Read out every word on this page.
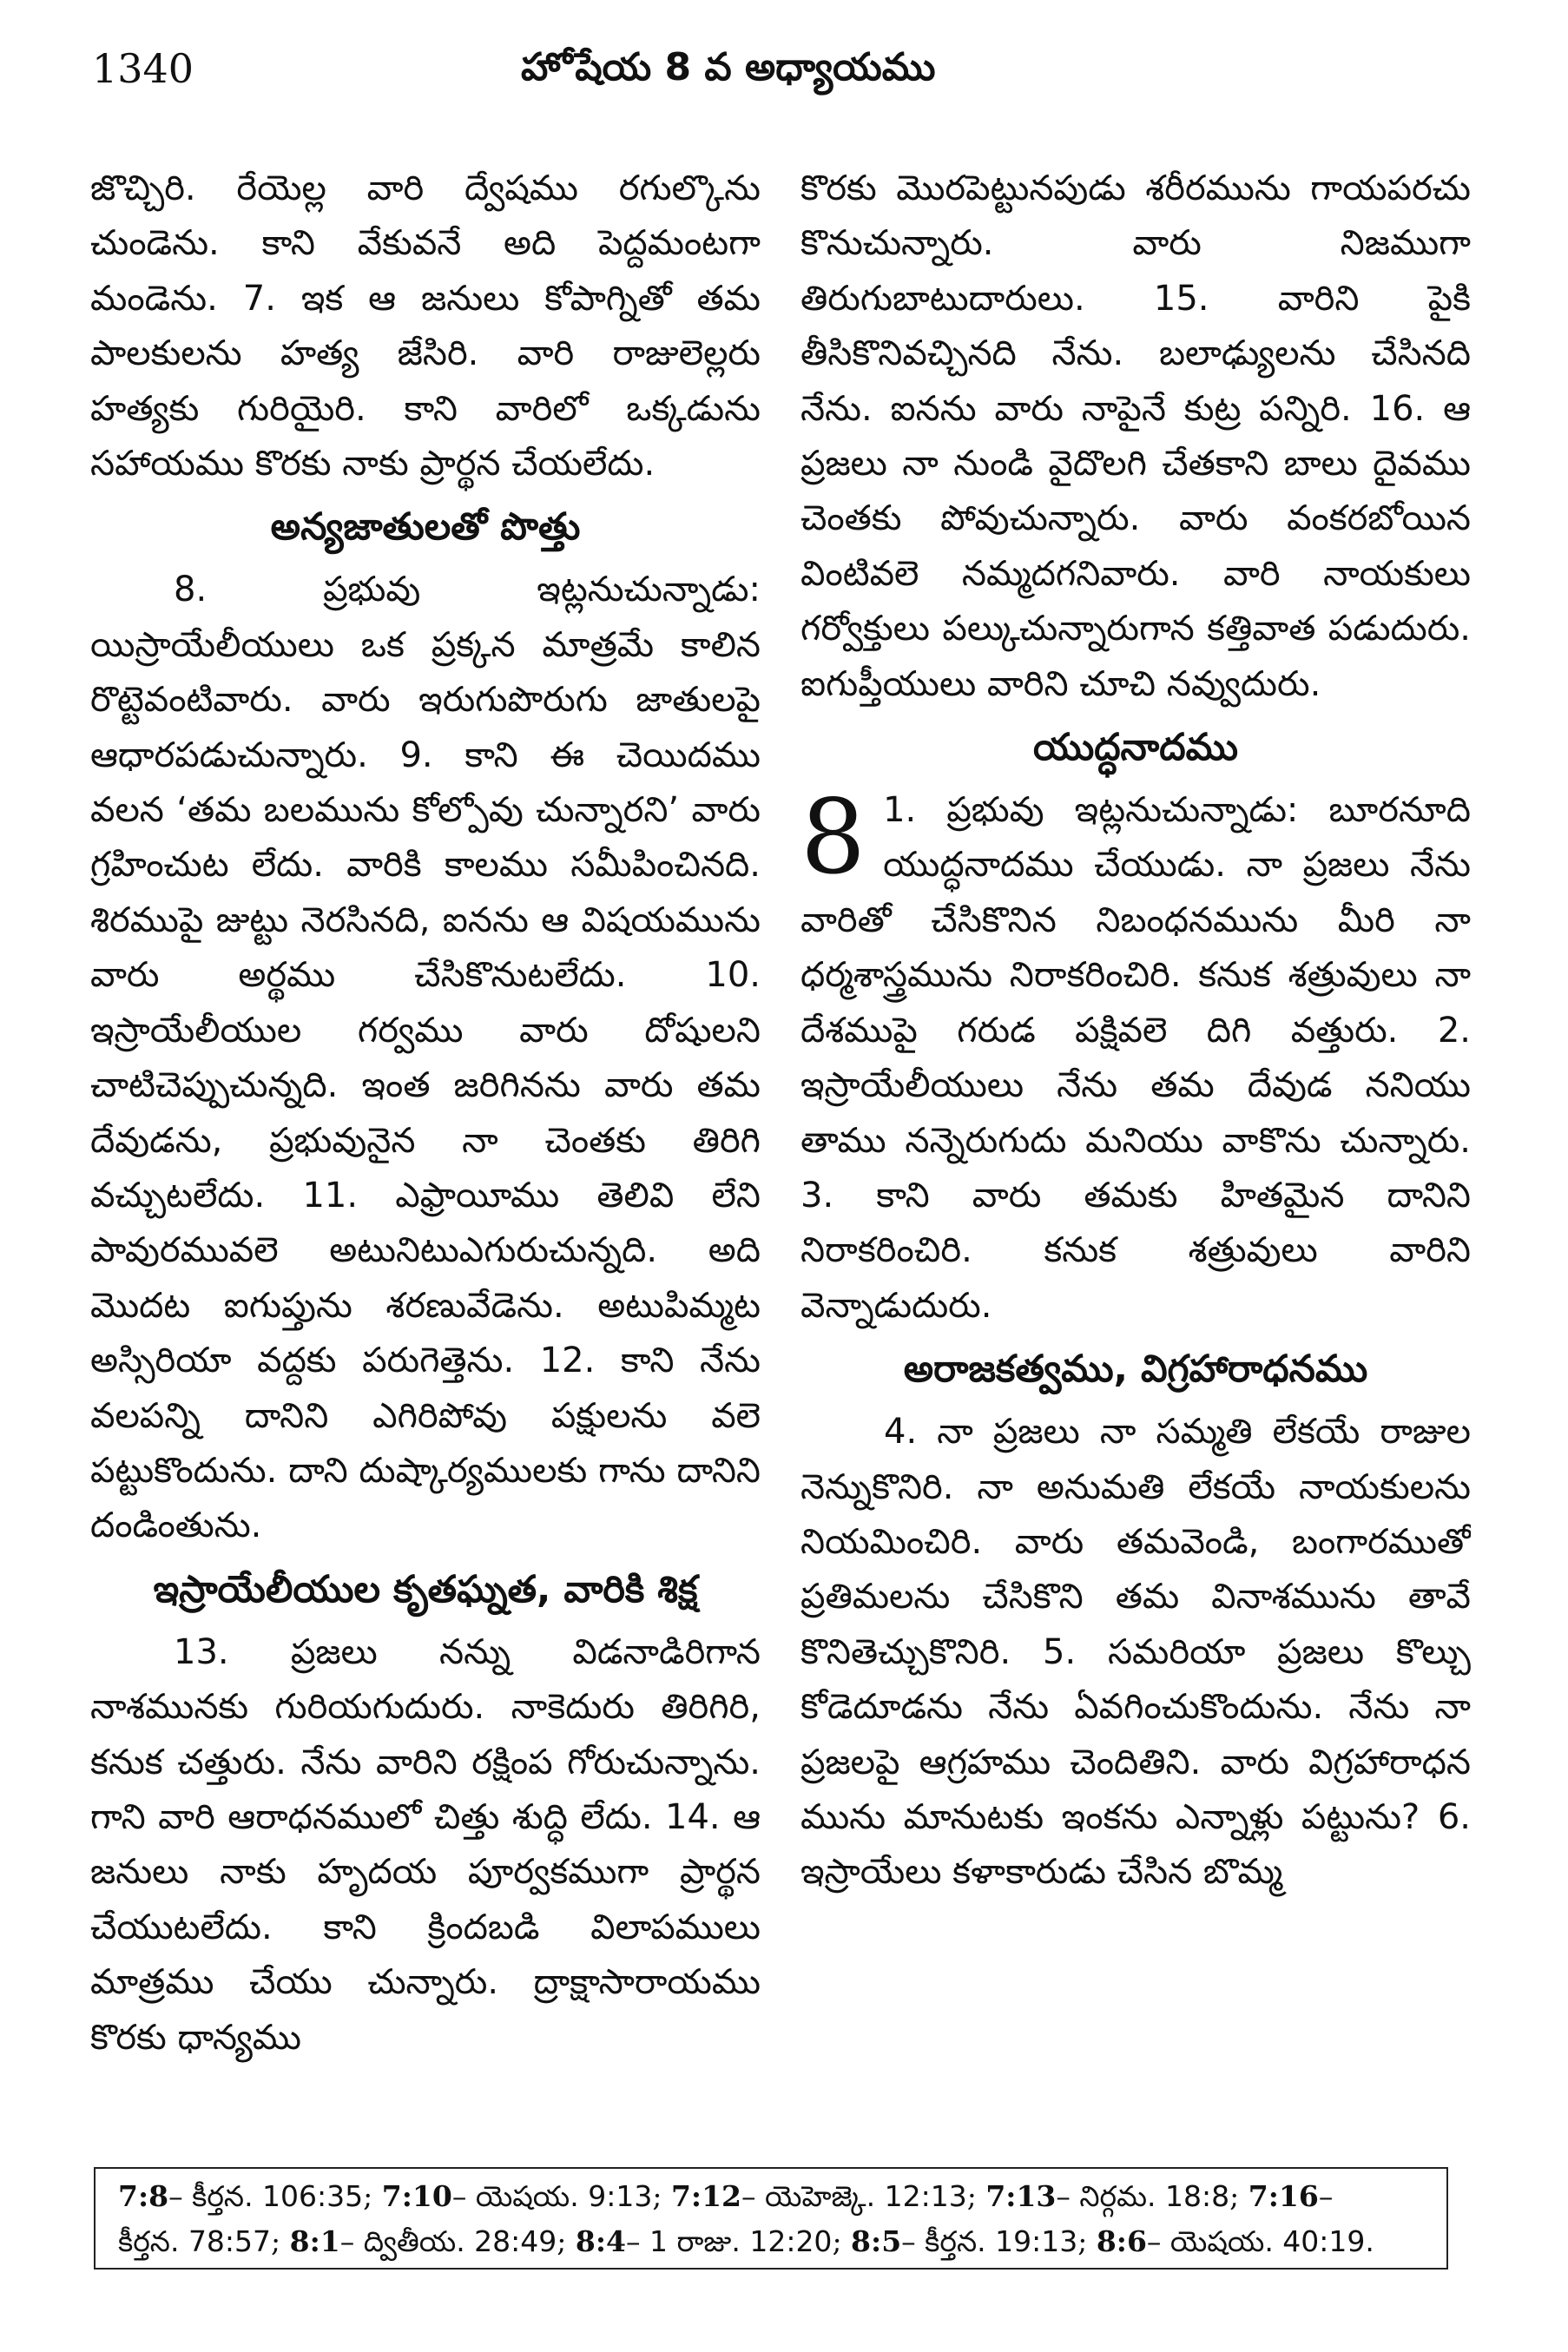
1340	హోషేయ 8 వ అధ్యాయము

జొచ్చిరి. రేయెల్ల వారి ద్వేషము రగుల్కొను చుండెను. కాని వేకువనే అది పెద్దమంటగా మండెను. 7. ఇక ఆ జనులు కోపాగ్నితో తమ పాలకులను హత్య జేసిరి. వారి రాజులెల్లరు హత్యకు గురియైరి. కాని వారిలో ఒక్కడును సహాయము కొరకు నాకు ప్రార్థన చేయలేదు.

అన్యజాతులతో పొత్తు

8. ప్రభువు ఇట్లనుచున్నాడు: యిస్రాయేలీయులు ఒక ప్రక్కన మాత్రమే కాలిన రొట్టెవంటివారు. వారు ఇరుగుపొరుగు జాతులపై ఆధారపడుచున్నారు. 9. కాని ఈ చెయిదము వలన ‘తమ బలమును కోల్పోవు చున్నారని’ వారు గ్రహించుట లేదు. వారికి కాలము సమీపించినది. శిరముపై జుట్టు నెరసినది, ఐనను ఆ విషయమును వారు అర్థము చేసికొనుటలేదు. 10. ఇస్రాయేలీయుల గర్వము వారు దోషులని చాటిచెప్పుచున్నది. ఇంత జరిగినను వారు తమ దేవుడను, ప్రభువునైన నా చెంతకు తిరిగి వచ్చుటలేదు. 11. ఎఫ్రాయీము తెలివి లేని పావురమువలె అటునిటుఎగురుచున్నది. అది మొదట ఐగుప్తును శరణువేడెను. అటుపిమ్మట అస్సిరియా వద్దకు పరుగెత్తెను. 12. కాని నేను వలపన్ని దానిని ఎగిరిపోవు పక్షులను వలె పట్టుకొందును. దాని దుష్కార్యములకు గాను దానిని దండింతును.

ఇస్రాయేలీయుల కృతఘ్నత, వారికి శిక్ష

13. ప్రజలు నన్ను విడనాడిరిగాన నాశమునకు గురియగుదురు. నాకెదురు తిరిగిరి, కనుక చత్తురు. నేను వారిని రక్షింప గోరుచున్నాను. గాని వారి ఆరాధనములో చిత్తు శుద్ధి లేదు. 14. ఆ జనులు నాకు హృదయ పూర్వకముగా ప్రార్థన చేయుటలేదు. కాని క్రిందబడి విలాపములు మాత్రము చేయు చున్నారు. ద్రాక్షాసారాయము కొరకు ధాన్యము

కొరకు మొరపెట్టునపుడు శరీరమును గాయపరచు కొనుచున్నారు. వారు నిజముగా తిరుగుబాటుదారులు. 15. వారిని పైకి తీసికొనివచ్చినది నేను. బలాఢ్యులను చేసినది నేను. ఐనను వారు నాపైనే కుట్ర పన్నిరి. 16. ఆ ప్రజలు నా నుండి వైదొలగి చేతకాని బాలు దైవము చెంతకు పోవుచున్నారు. వారు వంకరబోయిన వింటివలె నమ్మదగనివారు. వారి నాయకులు గర్వోక్తులు పల్కుచున్నారుగాన కత్తివాత పడుదురు. ఐగుప్తీయులు వారిని చూచి నవ్వుదురు.

యుద్ధనాదము
8 1. ప్రభువు ఇట్లనుచున్నాడు: బూరనూది యుద్ధనాదము చేయుడు. నా ప్రజలు నేను వారితో చేసికొనిన నిబంధనమును మీరి నా ధర్మశాస్త్రమును నిరాకరించిరి. కనుక శత్రువులు నా దేశముపై గరుడ పక్షివలె దిగి వత్తురు. 2. ఇస్రాయేలీయులు నేను తమ దేవుడ ననియు తాము నన్నెరుగుదు మనియు వాకొను చున్నారు. 3. కాని వారు తమకు హితమైన దానిని నిరాకరించిరి. కనుక శత్రువులు వారిని వెన్నాడుదురు.
అరాజకత్వము, విగ్రహారాధనము

4. నా ప్రజలు నా సమ్మతి లేకయే రాజుల నెన్నుకొనిరి. నా అనుమతి లేకయే నాయకులను నియమించిరి. వారు తమవెండి, బంగారముతో ప్రతిమలను చేసికొని తమ వినాశమును తావే కొనితెచ్చుకొనిరి. 5. సమరియా ప్రజలు కొల్చు కోడెదూడను నేను ఏవగించుకొందును. నేను నా ప్రజలపై ఆగ్రహము చెందితిని. వారు విగ్రహారాధన మును మానుటకు ఇంకను ఎన్నాళ్లు పట్టును? 6. ఇస్రాయేలు కళాకారుడు చేసిన బొమ్మ

7:8– కీర్తన. 106:35; 7:10– యెషయ. 9:13; 7:12– యెహెజ్కె. 12:13; 7:13– నిర్గమ. 18:8; 7:16–
కీర్తన. 78:57; 8:1– ద్వితీయ. 28:49; 8:4– 1 రాజు. 12:20; 8:5– కీర్తన. 19:13; 8:6– యెషయ. 40:19.
